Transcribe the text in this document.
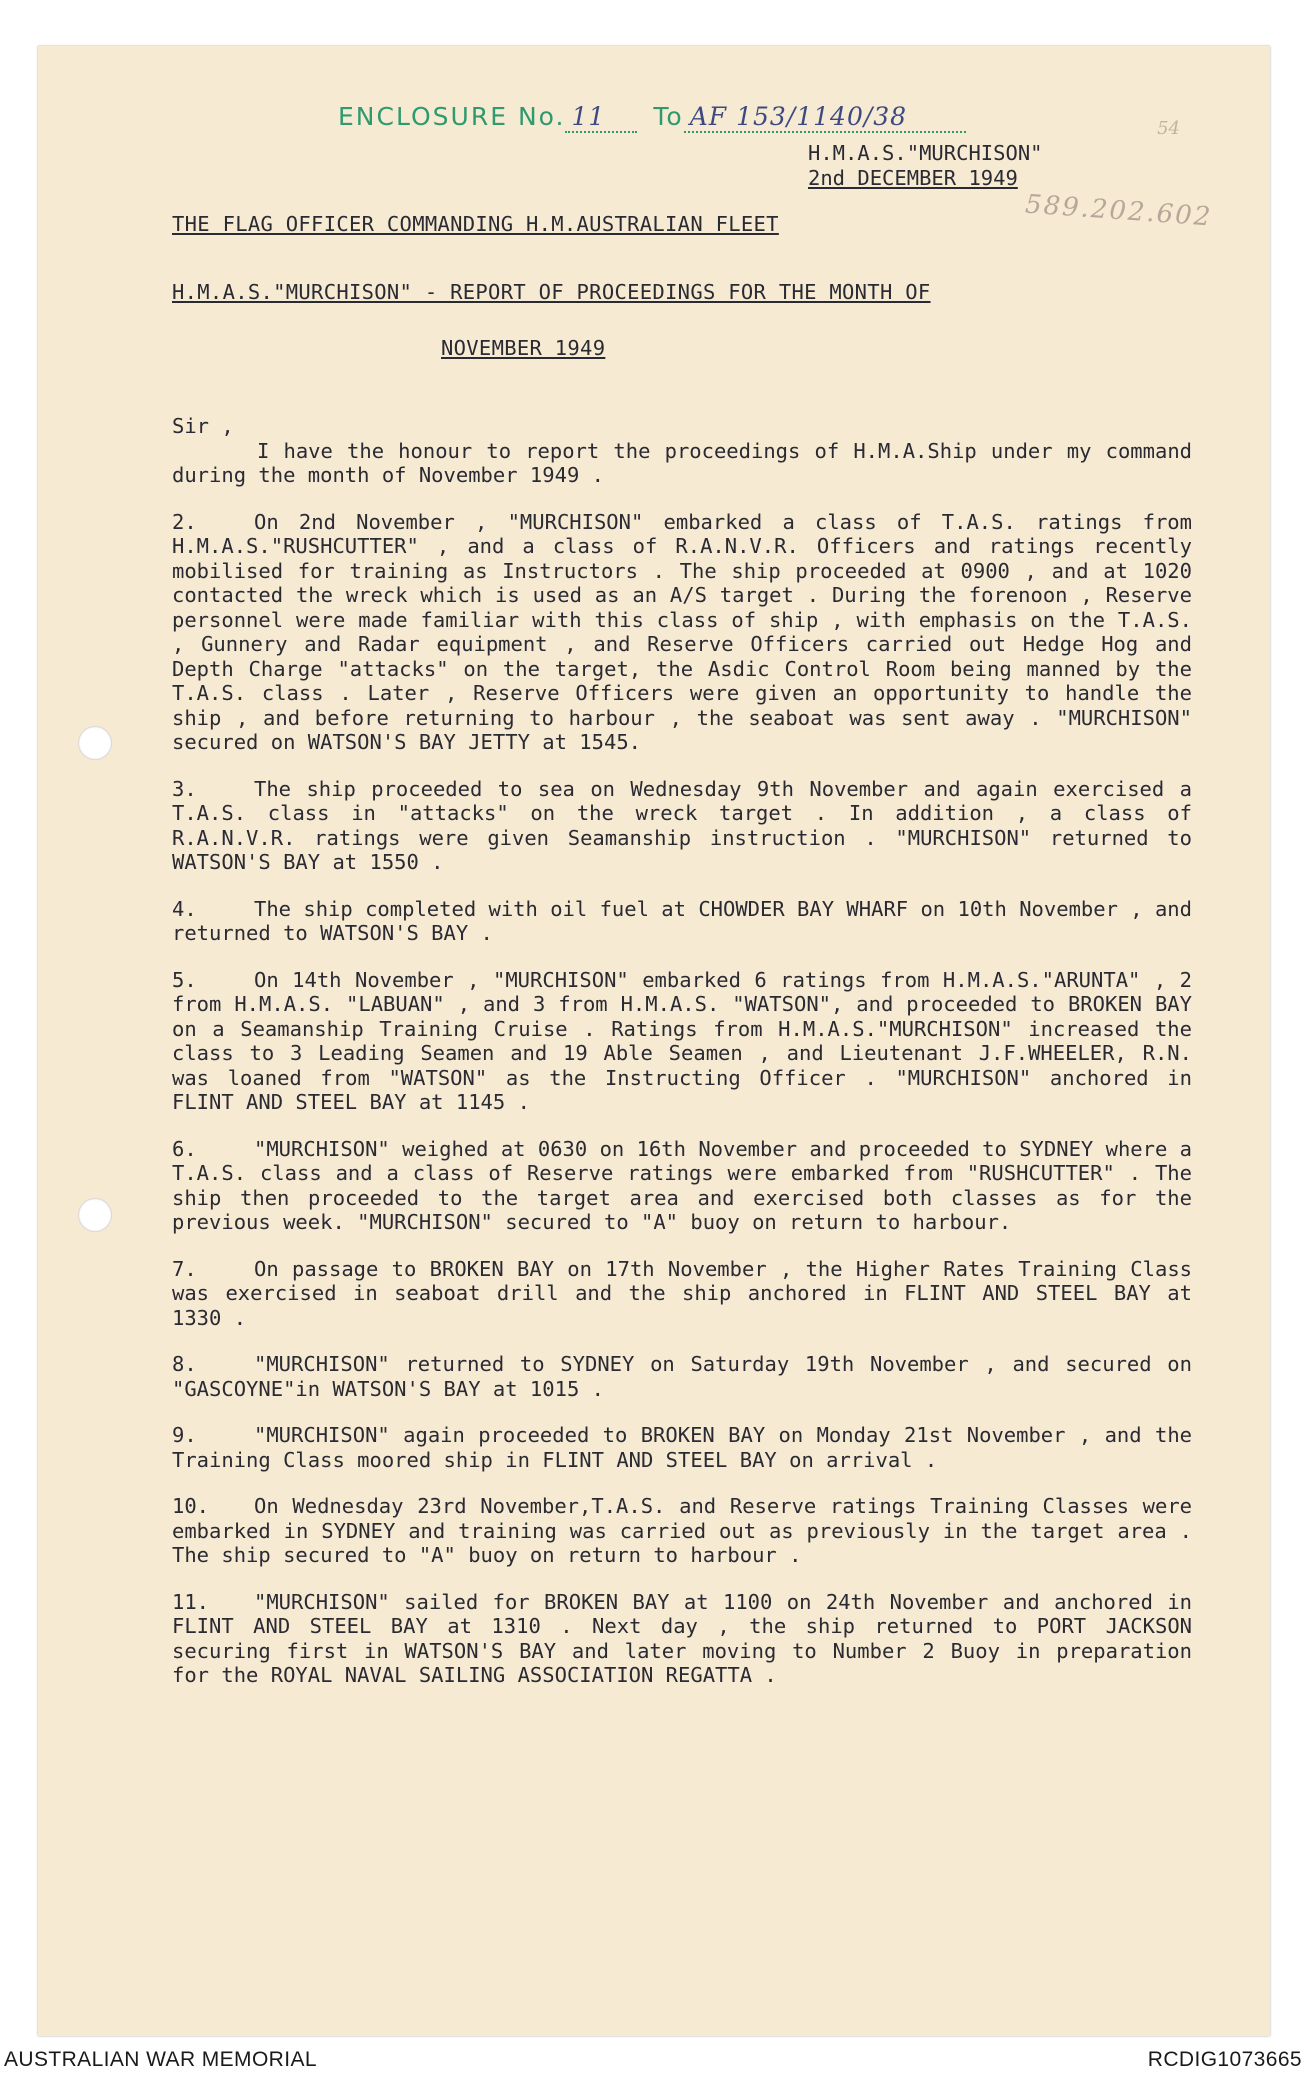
ENCLOSURE No. 11 To AF 153/1140/38	54
589.202.602
H.M.A.S."MURCHISON"
2nd DECEMBER 1949
THE FLAG OFFICER COMMANDING H.M.AUSTRALIAN FLEET
H.M.A.S."MURCHISON" - REPORT OF PROCEEDINGS FOR THE MONTH OF
NOVEMBER 1949
Sir ,

I have the honour to report the proceedings of H.M.A.Ship under my command during the month of November 1949 .

2.	On 2nd November , "MURCHISON" embarked a class of T.A.S. ratings from H.M.A.S."RUSHCUTTER" , and a class of R.A.N.V.R. Officers and ratings recently mobilised for training as Instructors . The ship proceeded at 0900 , and at 1020 contacted the wreck which is used as an A/S target . During the forenoon , Reserve personnel were made familiar with this class of ship , with emphasis on the T.A.S. , Gunnery and Radar equipment , and Reserve Officers carried out Hedge Hog and Depth Charge "attacks" on the target, the Asdic Control Room being manned by the T.A.S. class . Later , Reserve Officers were given an opportunity to handle the ship , and before returning to harbour , the seaboat was sent away . "MURCHISON" secured on WATSON'S BAY JETTY at 1545.

3.	The ship proceeded to sea on Wednesday 9th November and again exercised a T.A.S. class in "attacks" on the wreck target . In addition , a class of R.A.N.V.R. ratings were given Seamanship instruction . "MURCHISON" returned to WATSON'S BAY at 1550 .

4.	The ship completed with oil fuel at CHOWDER BAY WHARF on 10th November , and returned to WATSON'S BAY .

5.	On 14th November , "MURCHISON" embarked 6 ratings from H.M.A.S."ARUNTA" , 2 from H.M.A.S. "LABUAN" , and 3 from H.M.A.S. "WATSON", and proceeded to BROKEN BAY on a Seamanship Training Cruise . Ratings from H.M.A.S."MURCHISON" increased the class to 3 Leading Seamen and 19 Able Seamen , and Lieutenant J.F.WHEELER, R.N. was loaned from "WATSON" as the Instructing Officer . "MURCHISON" anchored in FLINT AND STEEL BAY at 1145 .

6.	"MURCHISON" weighed at 0630 on 16th November and proceeded to SYDNEY where a T.A.S. class and a class of Reserve ratings were embarked from "RUSHCUTTER" . The ship then proceeded to the target area and exercised both classes as for the previous week. "MURCHISON" secured to "A" buoy on return to harbour.

7.	On passage to BROKEN BAY on 17th November , the Higher Rates Training Class was exercised in seaboat drill and the ship anchored in FLINT AND STEEL BAY at 1330 .

8.	"MURCHISON" returned to SYDNEY on Saturday 19th November , and secured on "GASCOYNE"in WATSON'S BAY at 1015 .

9.	"MURCHISON" again proceeded to BROKEN BAY on Monday 21st November , and the Training Class moored ship in FLINT AND STEEL BAY on arrival .

10. On Wednesday 23rd November,T.A.S. and Reserve ratings Training Classes were embarked in SYDNEY and training was carried out as previously in the target area . The ship secured to "A" buoy on return to harbour .

11. "MURCHISON" sailed for BROKEN BAY at 1100 on 24th November and anchored in FLINT AND STEEL BAY at 1310 . Next day , the ship returned to PORT JACKSON securing first in WATSON'S BAY and later moving to Number 2 Buoy in preparation for the ROYAL NAVAL SAILING ASSOCIATION REGATTA .

AUSTRALIAN WAR MEMORIAL	RCDIG1073665
